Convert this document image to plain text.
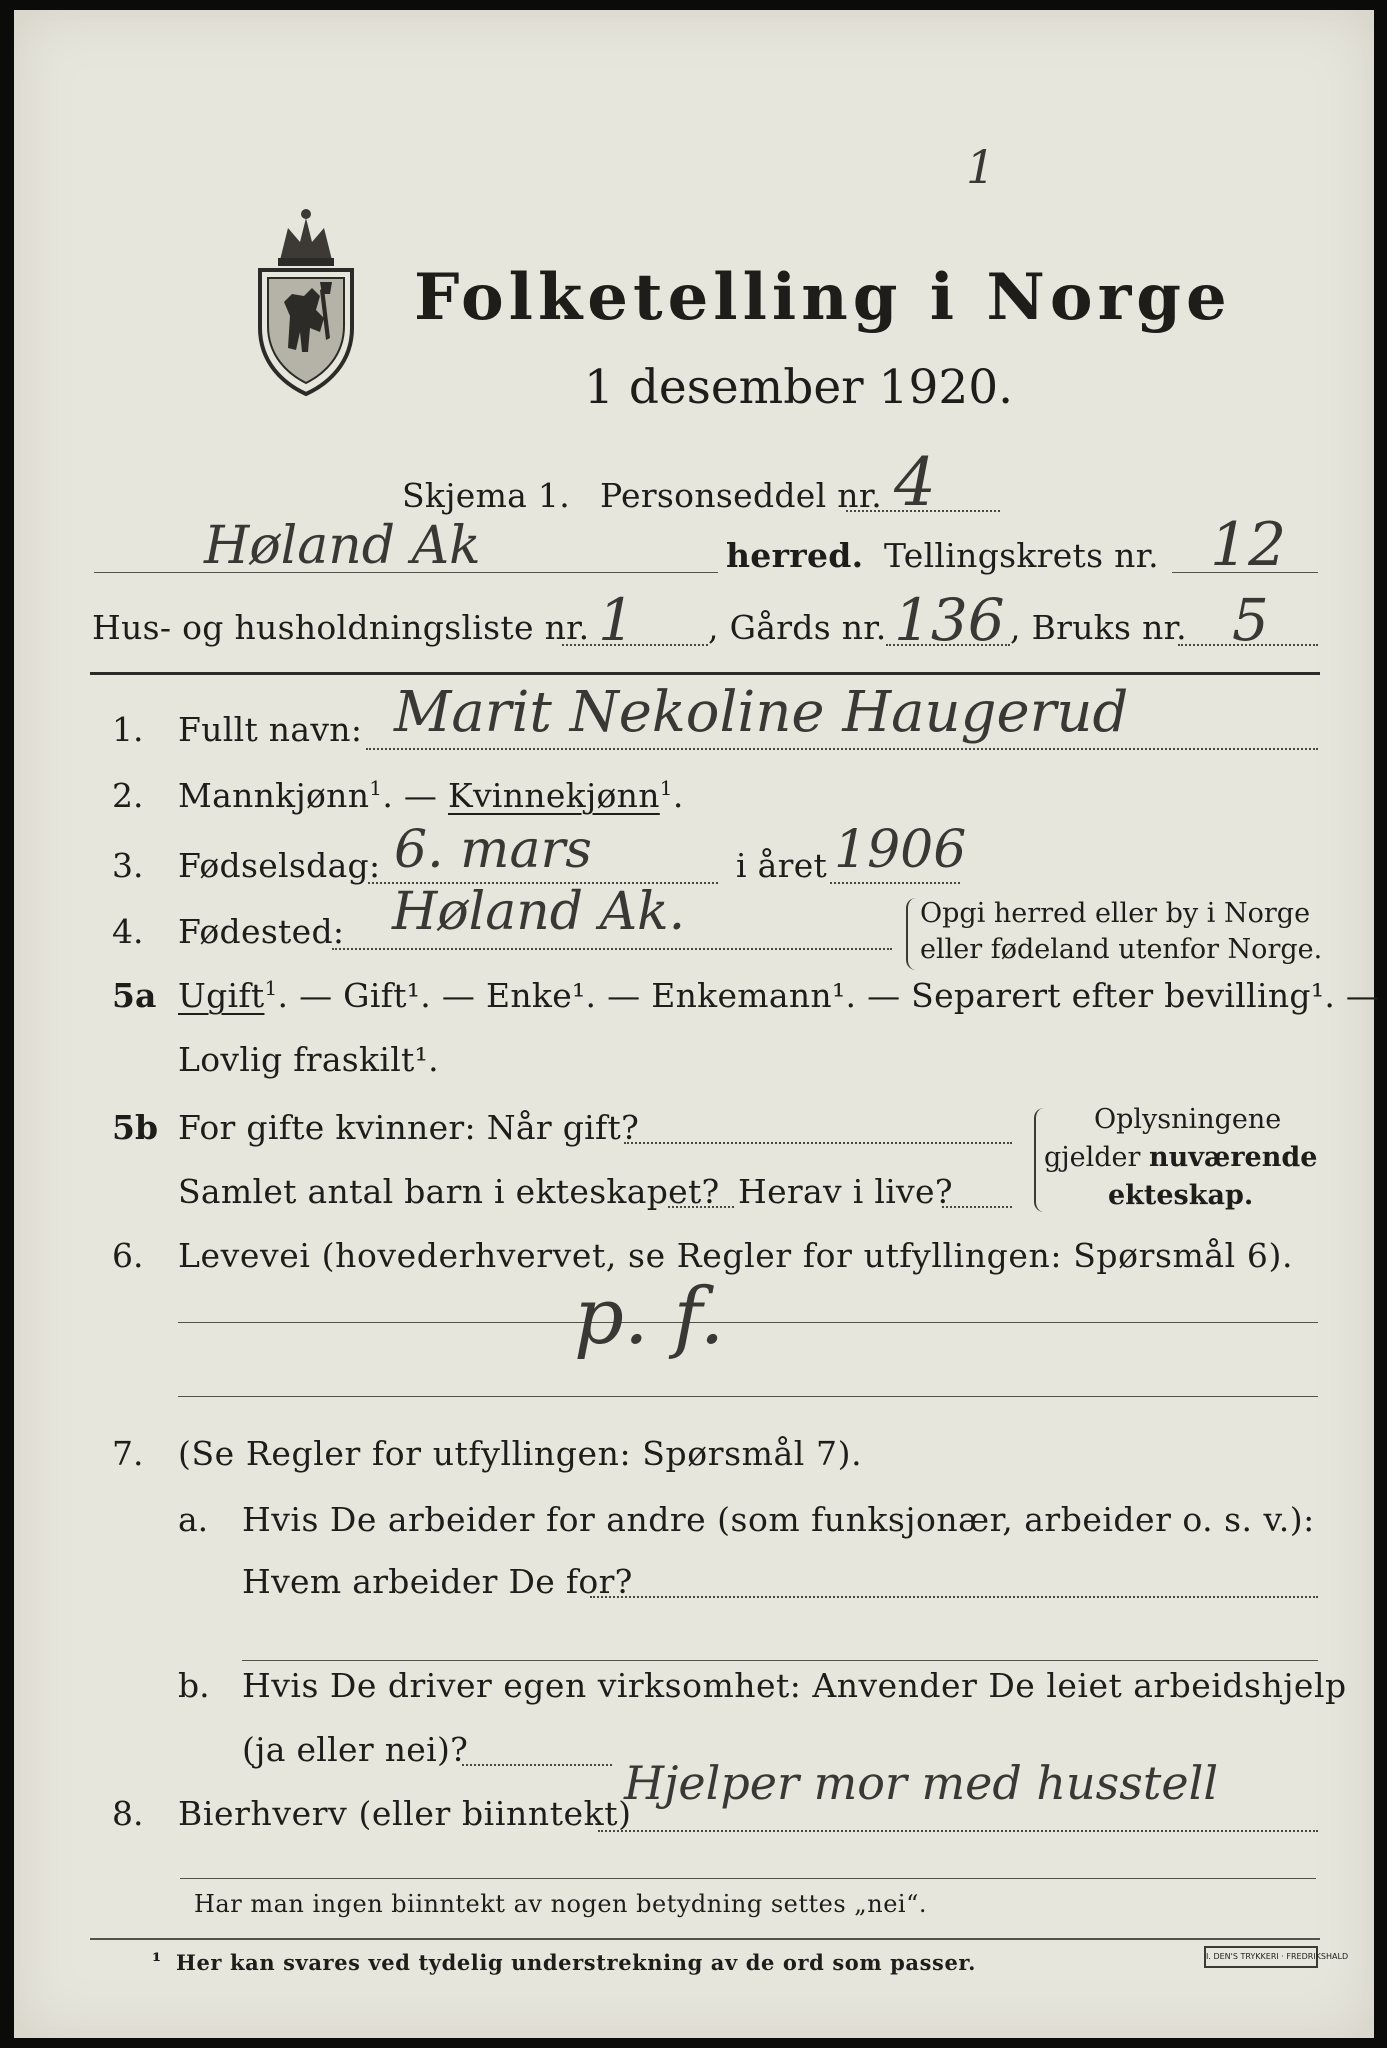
1
Folketelling i Norge
1 desember 1920.
Skjema 1. Personseddel nr. 4
Høland Ak	herred. Tellingskrets nr. 12
Hus- og husholdningsliste nr. 1 , Gårds nr. 136 , Bruks nr. 5
1. Fullt navn: Marit Nekoline Haugerud
2. Mannkjønn$^1$. — Kvinnekjønn$^1$.
3. Fødselsdag: 6. mars	i året 1906
4. Fødested: Høland Ak.	Opgi herred eller by i Norge
eller fødeland utenfor Norge.
5a Ugift$^1$. — Gift¹. — Enke¹. — Enkemann¹. — Separert efter bevilling¹. —
Lovlig fraskilt¹.
5b For gifte kvinner: Når gift?
Samlet antal barn i ekteskapet? Herav i live?
Oplysningene
gjelder nuværende
ekteskap.
6. Levevei (hovederhvervet, se Regler for utfyllingen: Spørsmål 6).
p. f.
7. (Se Regler for utfyllingen: Spørsmål 7).
a. Hvis De arbeider for andre (som funksjonær, arbeider o. s. v.):
Hvem arbeider De for?
b. Hvis De driver egen virksomhet: Anvender De leiet arbeidshjelp
(ja eller nei)?
8. Bierhverv (eller biinntekt)
Hjelper mor med husstell
Har man ingen biinntekt av nogen betydning settes „nei“.
¹ Her kan svares ved tydelig understrekning av de ord som passer.	I. DEN'S TRYKKERI · FREDRIKSHALD
